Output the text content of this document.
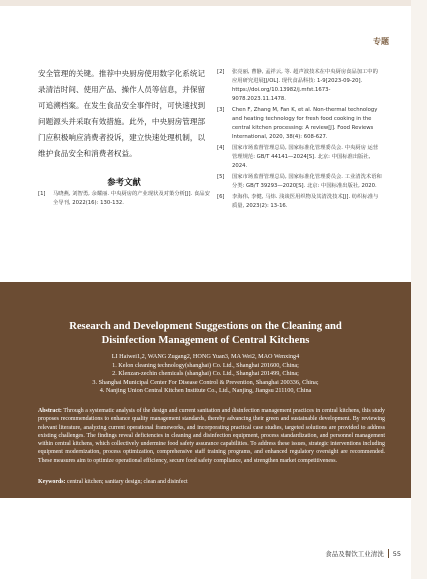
专题

安全管理的关键。推荐中央厨房使用数字化系统记录清洁时间、使用产品、操作人员等信息，并保留可追溯档案。在发生食品安全事件时，可快速找到问题源头并采取有效措施。此外，中央厨房管理部门应积极响应消费者投诉，建立快速处理机制，以维护食品安全和消费者权益。

参考文献
[1]	马晓燕, 刘智勇, 余耀丽. 中央厨房的产业现状及对策分析[J]. 食品安全导刊, 2022(16): 130-132.
[2]	张亮丽, 曹静, 孟祥云, 等. 超声波技术在中央厨房食品加工中的应用研究进展[J/OL]. 现代食品科技: 1-9[2023-09-20]. https://doi.org/10.13982/j.mfst.1673-9078.2023.11.1478.
[3]	Chen F, Zhang M, Fan K, et al. Non-thermal technology and heating technology for fresh food cooking in the central kitchen processing: A review[J]. Food Reviews International, 2020, 38(4): 608-627.
[4]	国家市场监督管理总局, 国家标准化管理委员会. 中央厨房 运营管理规范: GB/T 44141—2024[S]. 北京: 中国标准出版社, 2024.
[5]	国家市场监督管理总局, 国家标准化管理委员会. 工业清洗术语和分类: GB/T 39293—2020[S]. 北京: 中国标准出版社, 2020.
[6]	李海伟, 李健, 马炜. 浅谈医用织物及其清洗技术[J]. 纺织标准与质量, 2023(2): 13-16.
Research and Development Suggestions on the Cleaning and
Disinfection Management of Central Kitchens
LI Haiwei1,2, WANG Zugang2, HONG Yuan3, MA Wei2, MAO Wenxing4
1. Kelon cleaning technology(shanghai) Co. Ltd., Shanghai 201600, China;
2. Klenzan-zechin chemicals (shanghai) Co. Ltd., Shanghai 201499, China;
3. Shanghai Municipal Center For Disease Control & Prevention, Shanghai 200336, China;
4. Nanjing Union Central Kitchen Institute Co., Ltd., Nanjing, Jiangsu 211100, China
Abstract: Through a systematic analysis of the design and current sanitation and disinfection management practices in central kitchens, this study proposes recommendations to enhance quality management standards, thereby advancing their green and sustainable development. By reviewing relevant literature, analyzing current operational frameworks, and incorporating practical case studies, targeted solutions are provided to address existing challenges. The findings reveal deficiencies in cleaning and disinfection equipment, process standardization, and personnel management within central kitchens, which collectively undermine food safety assurance capabilities. To address these issues, strategic interventions including equipment modernization, process optimization, comprehensive staff training programs, and enhanced regulatory oversight are recommended. These measures aim to optimize operational efficiency, secure food safety compliance, and strengthen market competitiveness.
Keywords: central kitchen; sanitary design; clean and disinfect
食品及餐饮工业清洗 55
